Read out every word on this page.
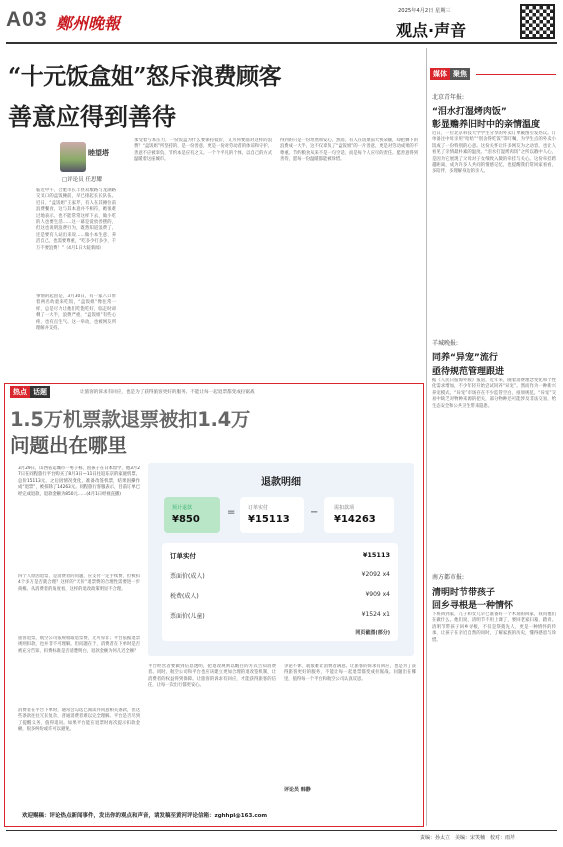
A03 鄭州晚報
2025年4月2日 星期三
观点·声音
“十元饭盒姐”怒斥浪费顾客
善意应得到善待
睦望塔
□评论员 任思耀
临近中午，合肥市长丰县双墩路与龙湖路交叉口的盒饭摊前，早已排起长长队伍。近日，“盒饭姐”王家芹，有人在其摊位前浪费餐食，这与其本意并不相符，她很难过地表示，也不能常常这样下去，做小吃的人也要生活……这一幕是爱放善摆的，但这也说明浪费行为，既然知道浪费了，还是要有人站出来说……做小本生意、养活自己，也需要尊重，“吃多少打多少，千万不要浪费！”（4月1日大皖新闻）
事情的起因是，3月30日，有一家八口带着两名幼童来吃饭，“盒饭姐”像往常一样，总是尽力让他们吃饱吃好，临走时却剩了一大半，浪费严重，“盒饭姐”有些心疼，也有点生气。这一举动，也被网友所理解并支持。
承受着亏本压力，一份饭盒为什么要保持低价，又为何要面对这样的浪费？“盒饭姐”所坚持的，是一份善意，更是一份对劳动者的体谅和守护。善意不应被辜负，节约本是应有之义。一个个平凡的个体，以自己的方式温暖着这座城市。
得到的只是一份坦然和安心。然而，有人在饭菜前大快朵颐，却把剩下的浪费成一大半，这不仅辜负了“盒饭姐”的一片善意，更是对劳动成果的不尊重。节约粮食从来不是一句空话，而是每个人应尽的责任。愿善意得到善待，愿每一份温暖都能被珍惜。
热点 话题	让旅客的诉求有回应，也是为了获得旅客更好的服务。不能让每一起退票都变成拉锯战
1.5万机票款退票被扣1.4万
问题出在哪里
3月29日，山西省运城市一男子称，因孩子在日本留学，他3月27日在同程旅行平台购买了8月3日—11日往返东京的家庭机票，总价15113元，之后因情况变化，准备改签机票，结果因操作成“退票”，被扣除了14263元。同程旅行客服表示，目前订单已经完成退款，退款金额为850元……(4月1日经视直播)
四个人原因退票，是消费者的问题，应支付一定手续费，但被扣4个多万是否就合理？这样的“天价”退票费的合理性需要进一步商榷。从消费者的角度看，这样的退改政策明显不合理。
旅客退票，航空公司依规收取退票费，无可厚非；平台依据退票规则扣款，也并非不可理解。但问题在于，消费者在下单时是否被充分告知，扣费标准是否清楚明白，退款金额为何几近全额？
消费者在平台下单时，通常会勾选已阅读并同意相关条款，但这些条款往往冗长复杂，普通消费者难以完全理解。平台是否尽到了提醒义务，值得追问。如果平台能在退票时再次提示扣款金额，很多纠纷或许可以避免。
平台经营者要做到信息透明，把退改规则以醒目的方式告知消费者。同时，航空公司和平台也应该建立更加合理的退改签机制，让消费者的权益得到保障。让旅客的诉求有回应，才能获得旅客的信任，让每一次出行都更安心。
争论不休，就很难让消费者满意。让旅客的诉求有回应，也是为了获得旅客更好的服务，不能让每一起退票都变成拉锯战。问题出在哪里，值得每一个平台和航空公司认真反思。
评论员 韩静
欢迎赐稿：评论热点新闻事件，发出你的观点和声音，请发稿至黄河评论信箱：zghhpl@163.com
退款明细
预计退款
¥850
=	订单实付
¥15113
−	需扣款项
¥14263
订单实付	¥15113
票面价(成人)	¥2092 x4
税费(成人)	¥909 x4
票面价(儿童)	¥1524 x1
同页截图(部分)
媒体 聚焦
北京青年报:
“泪水打湿烤肉饭”
彰显赡养旧时中的亲情温度
近日，一位北京科技大学学生分享的外卖订单截图引发热议。订单备注中母亲用“哈哈”“别舍得吃饭”等叮嘱，为学生点的外卖小饭成了一份特别的心意。这份关怀让许多网友为之动容，也让人看见了亲情最朴素的温度。“泪水打湿烤肉饭”之所以戳中人心，是因为它展现了父母对子女细致入微的牵挂与关心。这份牵挂跨越距离，成为许多人共同的情感记忆，也提醒我们常回家看看，多陪伴、多理解身边的亲人。
羊城晚报:
同养“异宠”流行
亟待规范管理跟进
据《人民日报海外版》报道，近年来，随着消费理念变化和个性化需求增加，不少年轻开始尝试饲养“异宠”。然而作为一种新兴养宠模式，“异宠”市场存在不少监管空白，亟须规范。“异宠”交易中缺乏对物种来源的把关，部分物种还可能涉及非法交易，给生态安全和公共卫生带来隐患。
南方都市报:
清明时节带孩子
回乡寻根是一种情怀
下班回到家，儿子和女儿早已准备好一个木刻的回家，我问他们在做什么。他们说，清明节不用上课了，要回老家扫墓、踏青。清明节带孩子回乡寻根，不仅是祭奠先人，更是一种情怀的传承，让孩子在亲近自然的同时，了解家族的历史，懂得感恩与珍惜。
责编：孙太立　美编：宋笑楠　校对：雨芹
